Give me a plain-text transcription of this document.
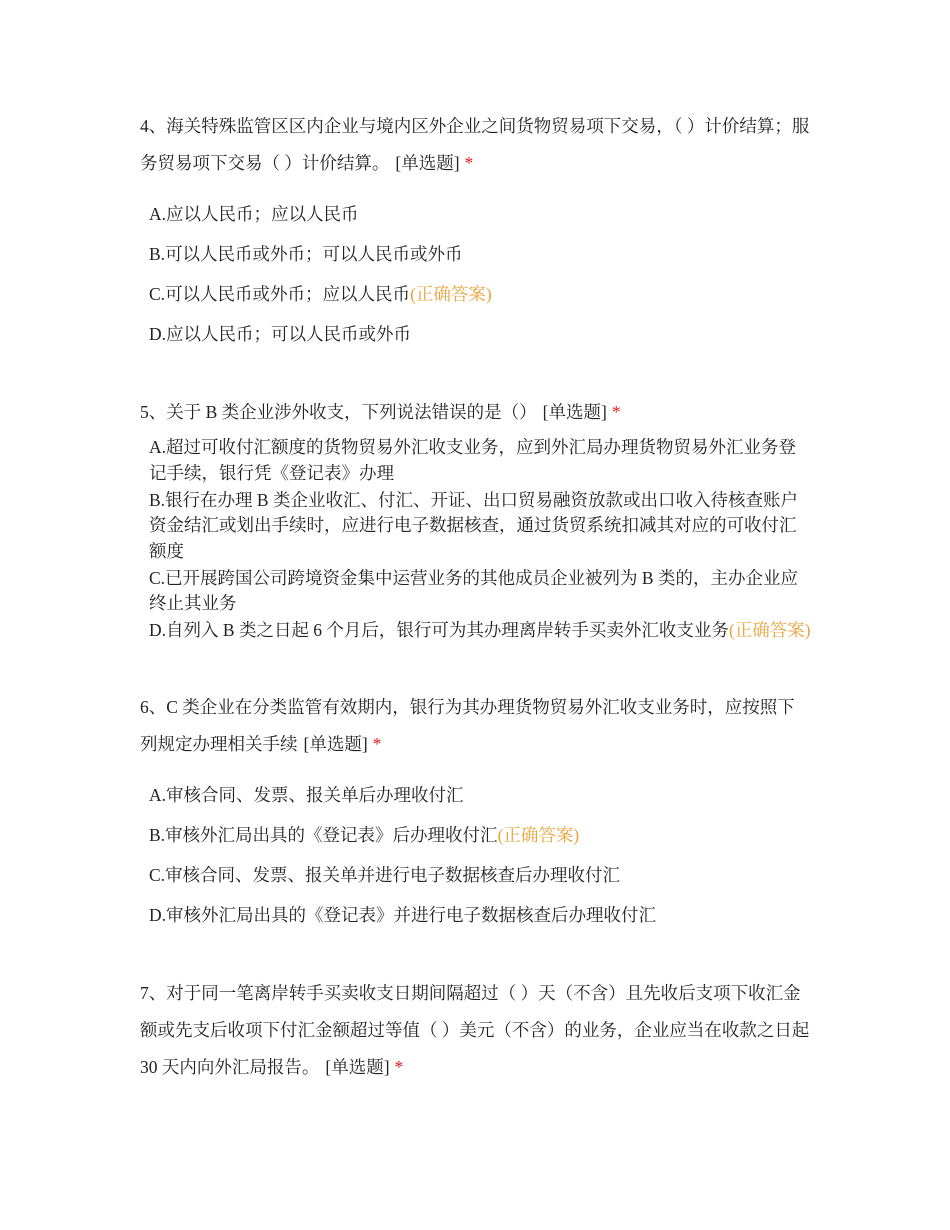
4、海关特殊监管区区内企业与境内区外企业之间货物贸易项下交易，（ ）计价结算；服务贸易项下交易（ ）计价结算。 [单选题] *

A.应以人民币；应以人民币
B.可以人民币或外币；可以人民币或外币
C.可以人民币或外币；应以人民币(正确答案)
D.应以人民币；可以人民币或外币

5、关于 B 类企业涉外收支，下列说法错误的是（） [单选题] *

A.超过可收付汇额度的货物贸易外汇收支业务，应到外汇局办理货物贸易外汇业务登记手续，银行凭《登记表》办理
B.银行在办理 B 类企业收汇、付汇、开证、出口贸易融资放款或出口收入待核查账户资金结汇或划出手续时，应进行电子数据核查，通过货贸系统扣减其对应的可收付汇额度
C.已开展跨国公司跨境资金集中运营业务的其他成员企业被列为 B 类的，主办企业应终止其业务
D.自列入 B 类之日起 6 个月后，银行可为其办理离岸转手买卖外汇收支业务(正确答案)

6、C 类企业在分类监管有效期内，银行为其办理货物贸易外汇收支业务时，应按照下列规定办理相关手续 [单选题] *

A.审核合同、发票、报关单后办理收付汇
B.审核外汇局出具的《登记表》后办理收付汇(正确答案)
C.审核合同、发票、报关单并进行电子数据核查后办理收付汇
D.审核外汇局出具的《登记表》并进行电子数据核查后办理收付汇

7、对于同一笔离岸转手买卖收支日期间隔超过（ ）天（不含）且先收后支项下收汇金额或先支后收项下付汇金额超过等值（ ）美元（不含）的业务，企业应当在收款之日起 30 天内向外汇局报告。 [单选题] *
